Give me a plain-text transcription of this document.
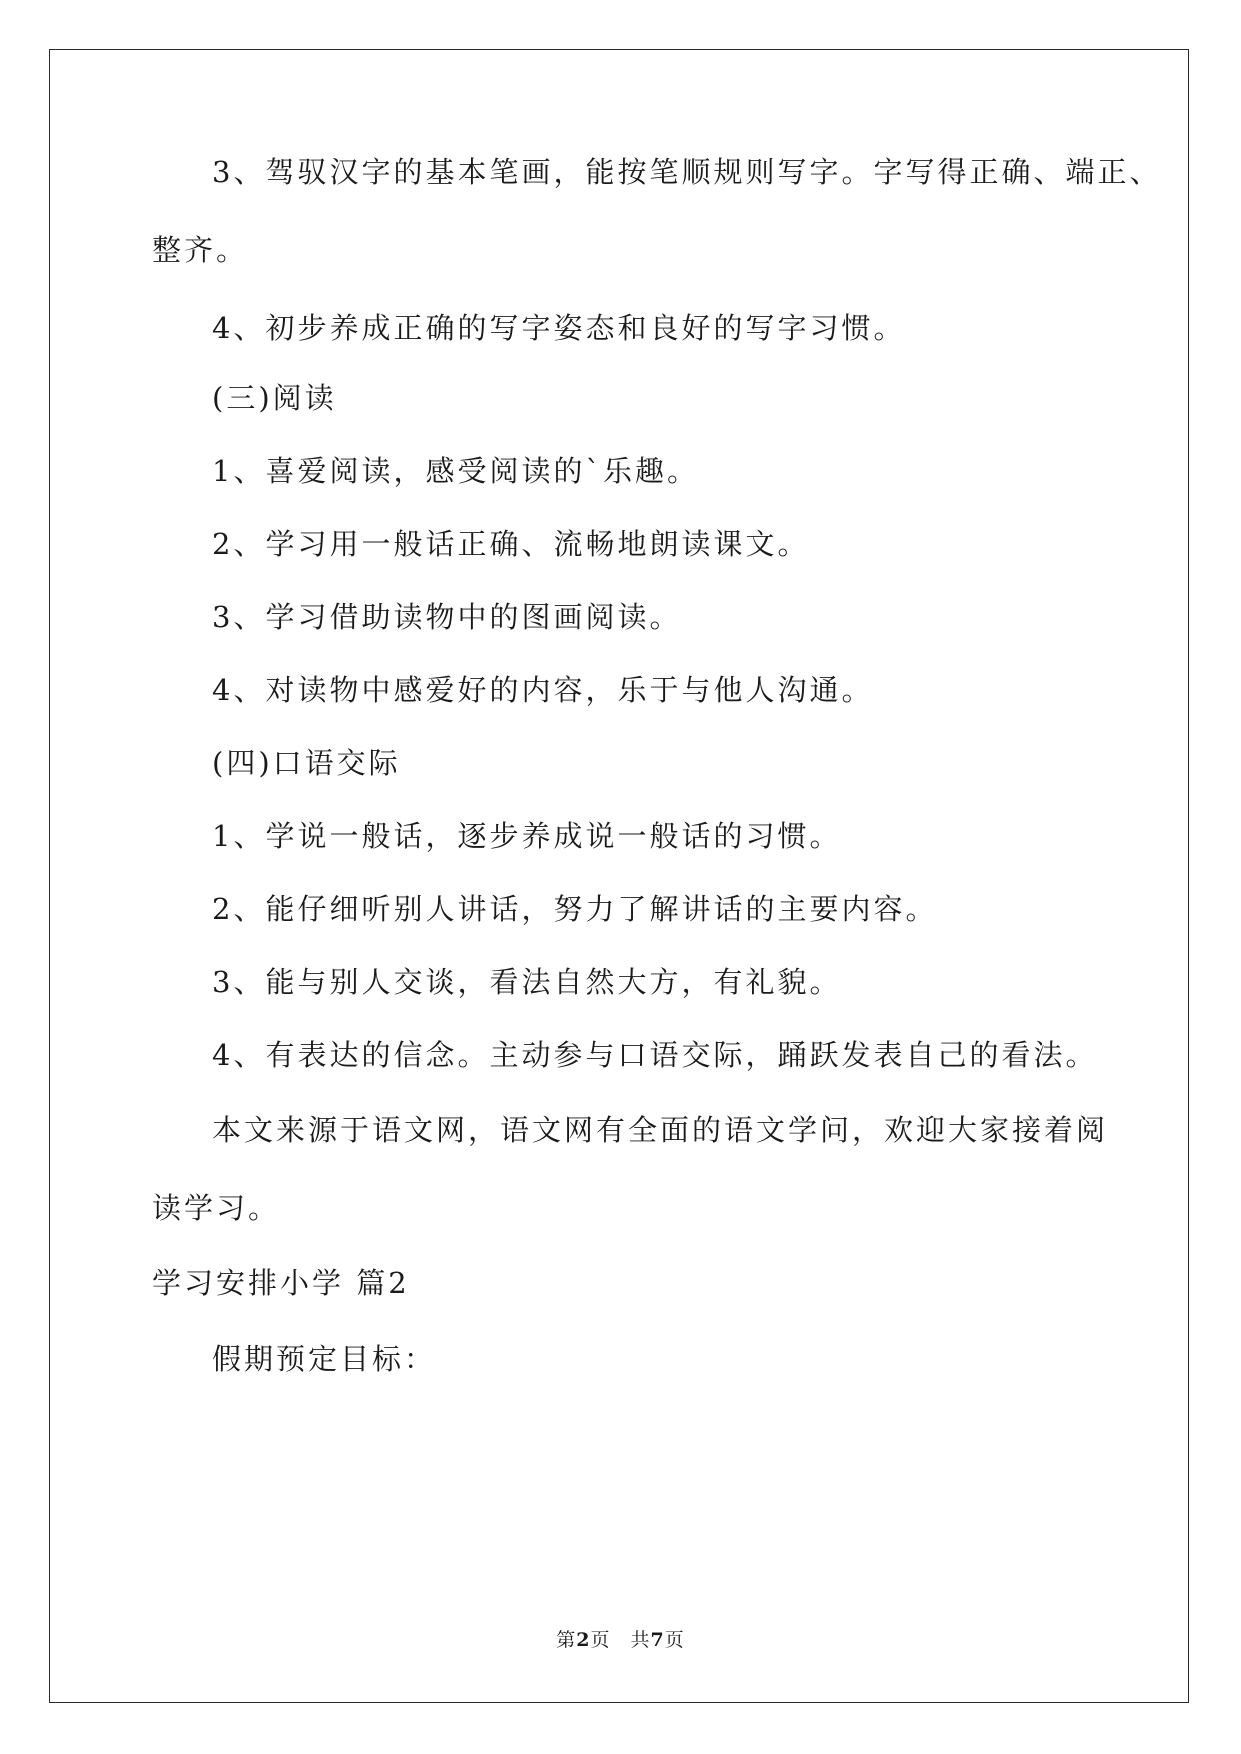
3、驾驭汉字的基本笔画，能按笔顺规则写字。字写得正确、端正、
整齐。
4、初步养成正确的写字姿态和良好的写字习惯。
(三)阅读
1、喜爱阅读，感受阅读的`乐趣。
2、学习用一般话正确、流畅地朗读课文。
3、学习借助读物中的图画阅读。
4、对读物中感爱好的内容，乐于与他人沟通。
(四)口语交际
1、学说一般话，逐步养成说一般话的习惯。
2、能仔细听别人讲话，努力了解讲话的主要内容。
3、能与别人交谈，看法自然大方，有礼貌。
4、有表达的信念。主动参与口语交际，踊跃发表自己的看法。
本文来源于语文网，语文网有全面的语文学问，欢迎大家接着阅
读学习。
学习安排小学 篇2
假期预定目标：
第2页　共7页
